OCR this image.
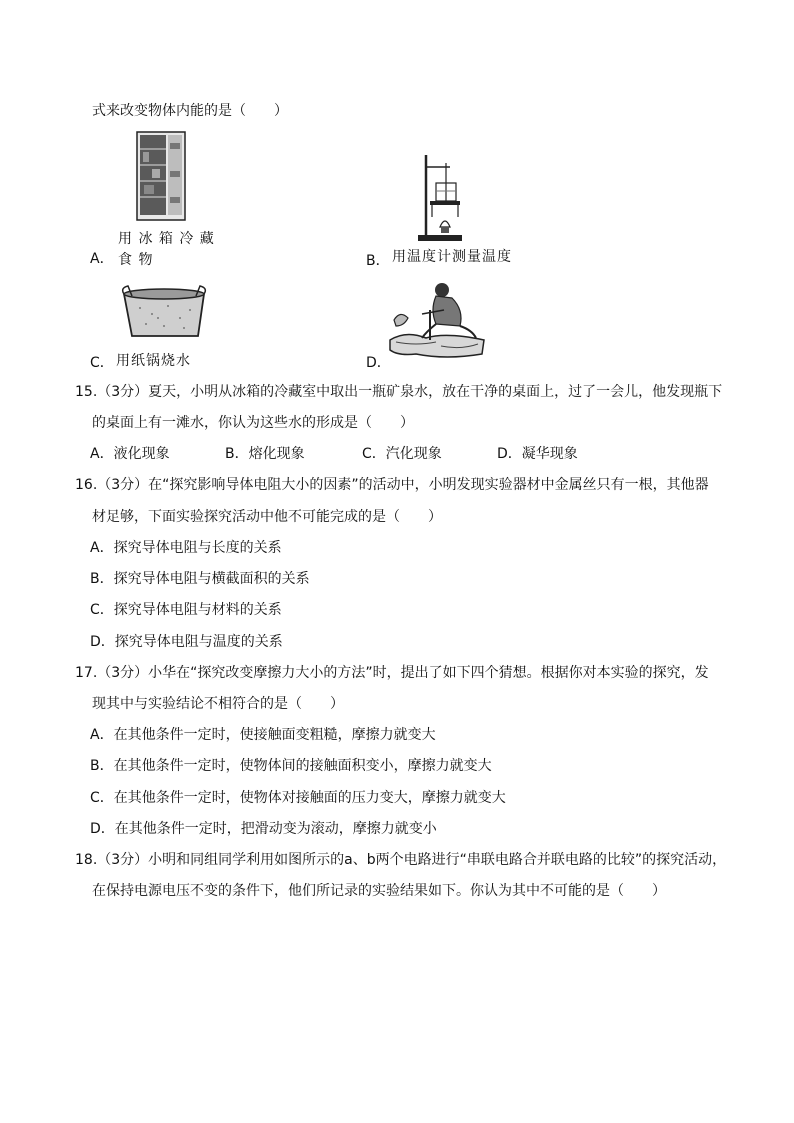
式来改变物体内能的是（　　）
用 冰 箱 冷 藏
A． 食 物	B． 用温度计测量温度
C． 用纸锅烧水	D．
15.（3分）夏天，小明从冰箱的冷藏室中取出一瓶矿泉水，放在干净的桌面上，过了一会儿，他发现瓶下
的桌面上有一滩水，你认为这些水的形成是（　　）
A．液化现象	B．熔化现象	C．汽化现象	D．凝华现象
16.（3分）在“探究影响导体电阻大小的因素”的活动中，小明发现实验器材中金属丝只有一根，其他器
材足够，下面实验探究活动中他不可能完成的是（　　）
A．探究导体电阻与长度的关系
B．探究导体电阻与横截面积的关系
C．探究导体电阻与材料的关系
D．探究导体电阻与温度的关系
17.（3分）小华在“探究改变摩擦力大小的方法”时，提出了如下四个猜想。根据你对本实验的探究，发
现其中与实验结论不相符合的是（　　）
A．在其他条件一定时，使接触面变粗糙，摩擦力就变大
B．在其他条件一定时，使物体间的接触面积变小，摩擦力就变大
C．在其他条件一定时，使物体对接触面的压力变大，摩擦力就变大
D．在其他条件一定时，把滑动变为滚动，摩擦力就变小
18.（3分）小明和同组同学利用如图所示的a、b两个电路进行“串联电路合并联电路的比较”的探究活动，
在保持电源电压不变的条件下，他们所记录的实验结果如下。你认为其中不可能的是（　　）
